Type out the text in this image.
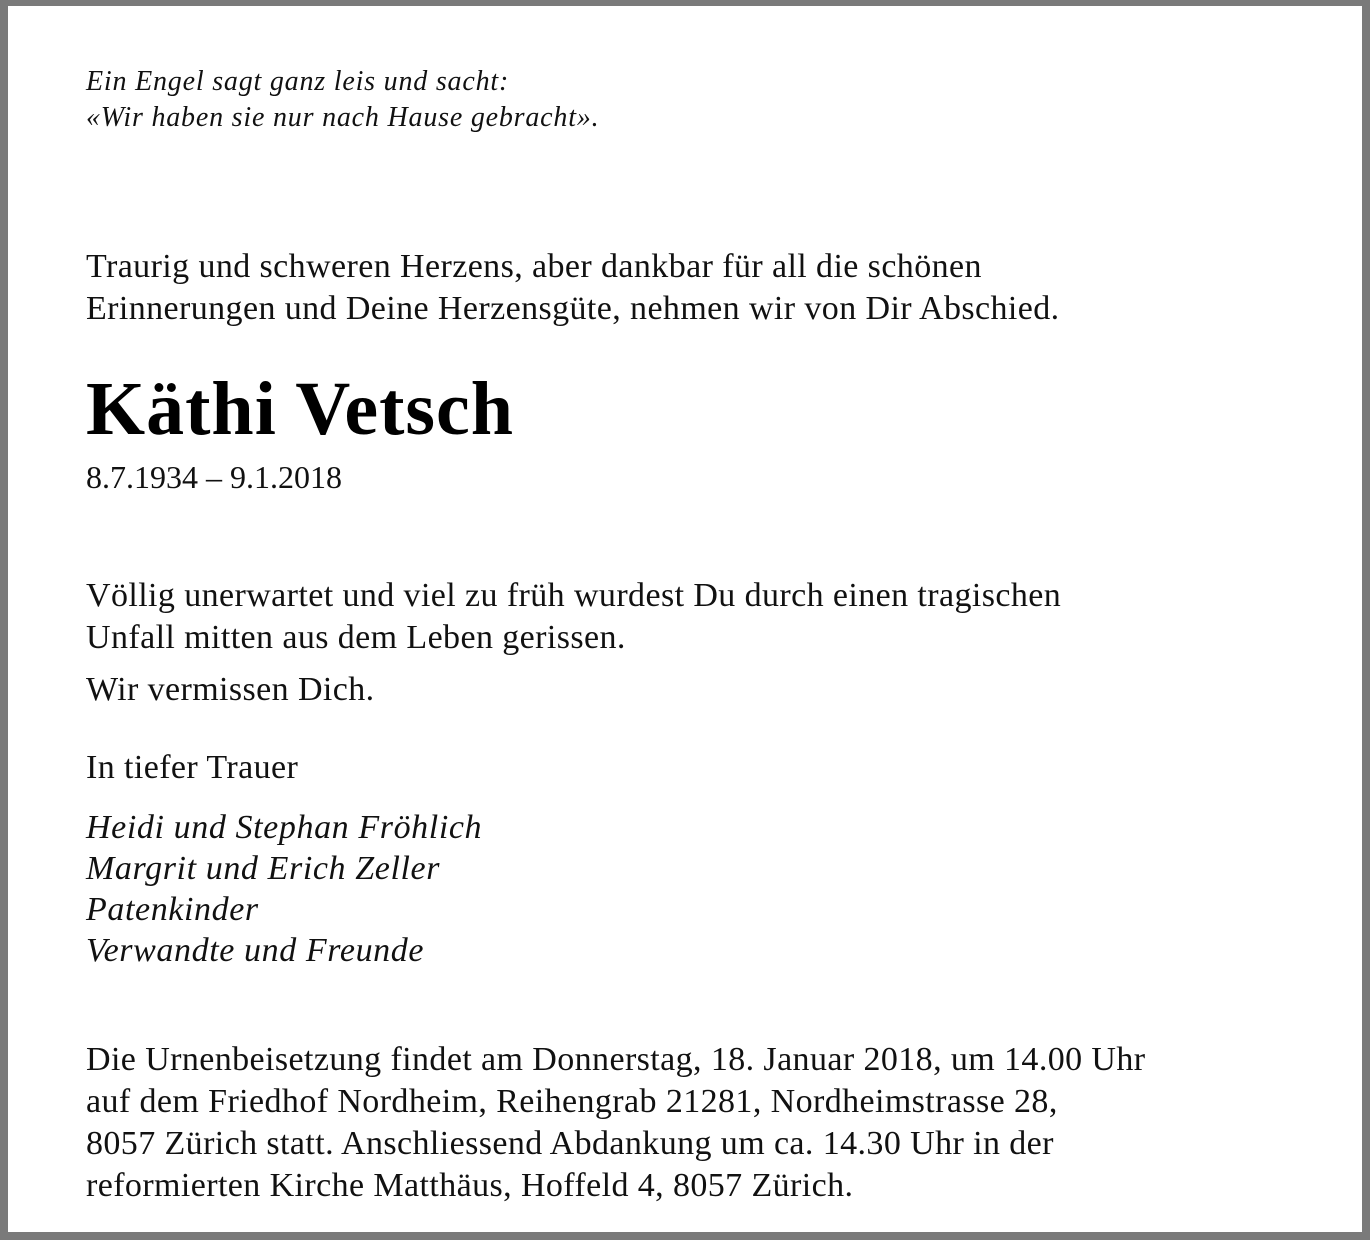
Ein Engel sagt ganz leis und sacht:

«Wir haben sie nur nach Hause gebracht».

Traurig und schweren Herzens, aber dankbar für all die schönen
Erinnerungen und Deine Herzensgüte, nehmen wir von Dir Abschied.
Käthi Vetsch
8.7.1934 – 9.1.2018
Völlig unerwartet und viel zu früh wurdest Du durch einen tragischen
Unfall mitten aus dem Leben gerissen.
Wir vermissen Dich.
In tiefer Trauer
Heidi und Stephan Fröhlich
Margrit und Erich Zeller
Patenkinder
Verwandte und Freunde
Die Urnenbeisetzung findet am Donnerstag, 18. Januar 2018, um 14.00 Uhr
auf dem Friedhof Nordheim, Reihengrab 21281, Nordheimstrasse 28,
8057 Zürich statt. Anschliessend Abdankung um ca. 14.30 Uhr in der
reformierten Kirche Matthäus, Hoffeld 4, 8057 Zürich.
